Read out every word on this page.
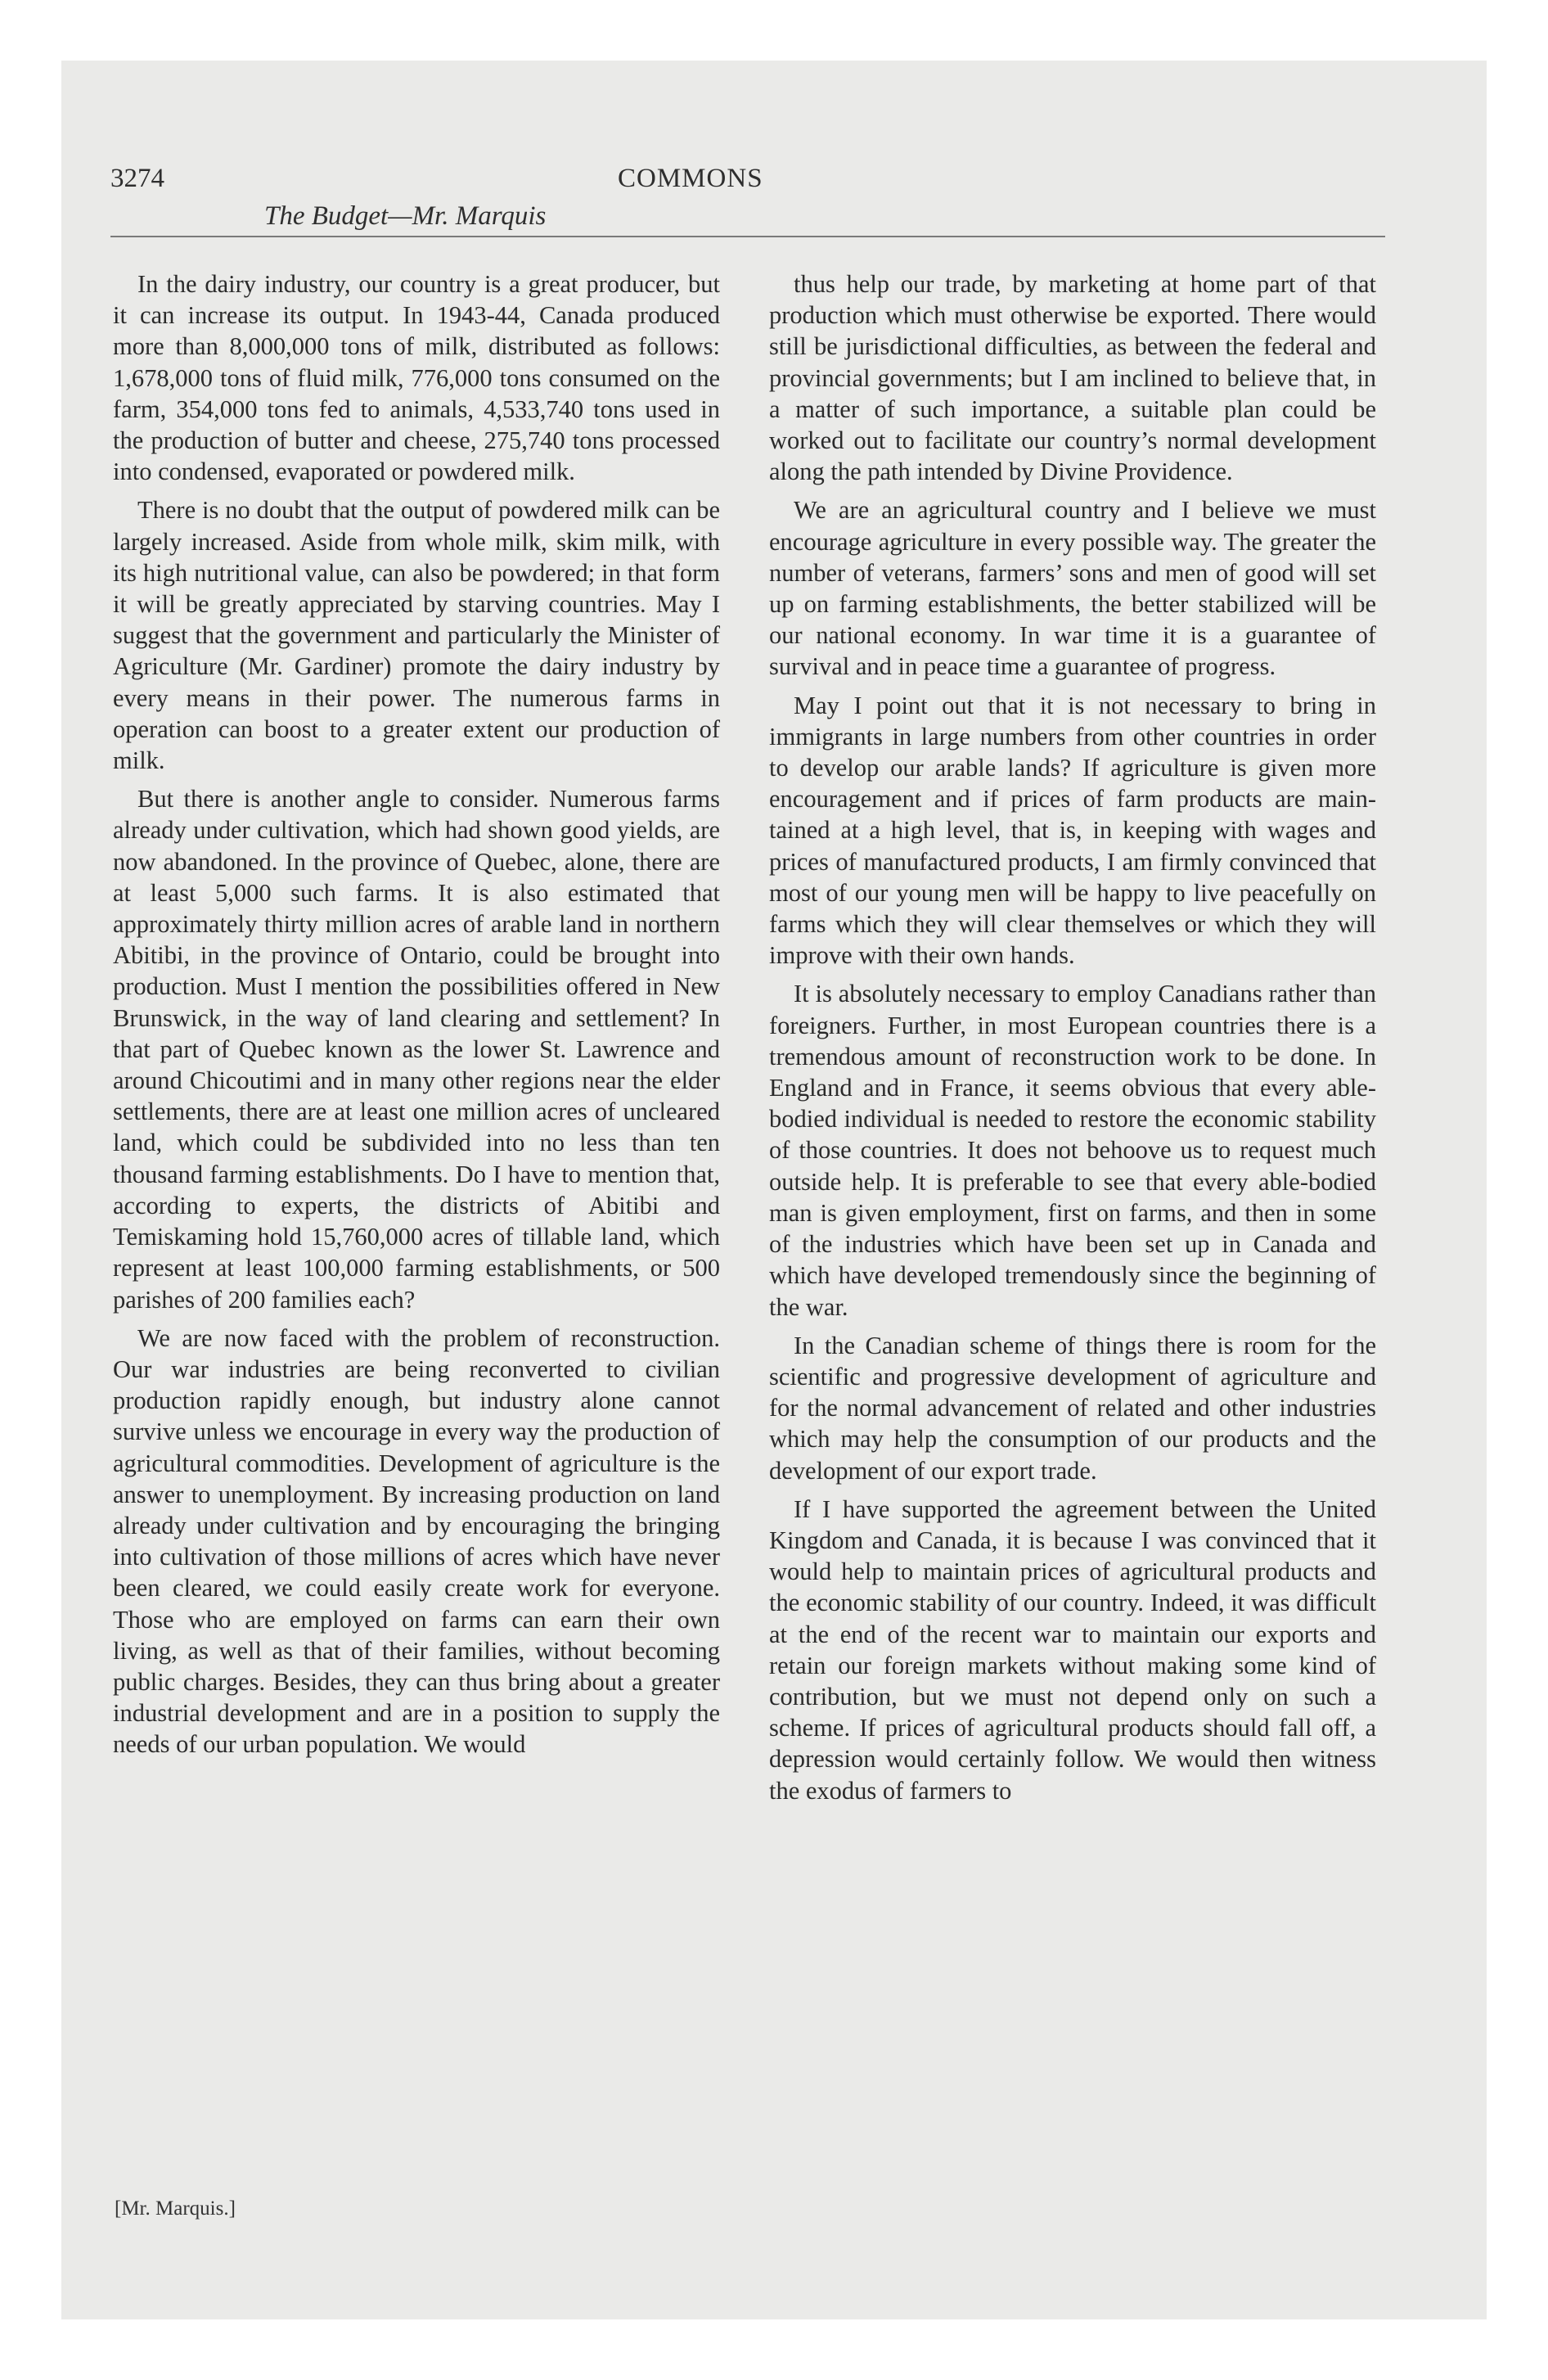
3274	COMMONS
The Budget—Mr. Marquis

In the dairy industry, our country is a great producer, but it can increase its output. In 1943-44, Canada produced more than 8,000,000 tons of milk, distributed as follows: 1,678,000 tons of fluid milk, 776,000 tons consumed on the farm, 354,000 tons fed to animals, 4,533,740 tons used in the production of butter and cheese, 275,740 tons processed into condensed, evaporated or powdered milk.

There is no doubt that the output of powdered milk can be largely increased. Aside from whole milk, skim milk, with its high nutritional value, can also be powdered; in that form it will be greatly appreciated by starving countries. May I suggest that the government and particularly the Minister of Agriculture (Mr. Gardiner) promote the dairy industry by every means in their power. The numerous farms in operation can boost to a greater extent our production of milk.

But there is another angle to consider. Numerous farms already under cultivation, which had shown good yields, are now abandoned. In the province of Quebec, alone, there are at least 5,000 such farms. It is also estimated that approximately thirty million acres of arable land in northern Abitibi, in the province of Ontario, could be brought into production. Must I mention the possibilities offered in New Brunswick, in the way of land clearing and settlement? In that part of Quebec known as the lower St. Lawrence and around Chicoutimi and in many other regions near the elder settlements, there are at least one million acres of uncleared land, which could be subdivided into no less than ten thousand farming establishments. Do I have to mention that, according to experts, the districts of Abitibi and Temiskaming hold 15,760,000 acres of tillable land, which represent at least 100,000 farming establishments, or 500 parishes of 200 families each?

We are now faced with the problem of reconstruction. Our war industries are being reconverted to civilian production rapidly enough, but industry alone cannot survive unless we encourage in every way the production of agricultural commodities. Development of agriculture is the answer to unemployment. By increasing production on land already under cultivation and by encouraging the bringing into cultivation of those millions of acres which have never been cleared, we could easily create work for everyone. Those who are employed on farms can earn their own living, as well as that of their families, without becoming public charges. Besides, they can thus bring about a greater industrial development and are in a position to supply the needs of our urban population. We would

thus help our trade, by marketing at home part of that production which must otherwise be exported. There would still be jurisdictional difficulties, as between the federal and provincial governments; but I am inclined to believe that, in a matter of such importance, a suitable plan could be worked out to facilitate our country’s normal development along the path intended by Divine Providence.

We are an agricultural country and I believe we must encourage agriculture in every possible way. The greater the number of veterans, farmers’ sons and men of good will set up on farming establishments, the better stabilized will be our national economy. In war time it is a guarantee of survival and in peace time a guarantee of progress.

May I point out that it is not necessary to bring in immigrants in large numbers from other countries in order to develop our arable lands? If agriculture is given more encouragement and if prices of farm products are maintained at a high level, that is, in keeping with wages and prices of manufactured products, I am firmly convinced that most of our young men will be happy to live peacefully on farms which they will clear themselves or which they will improve with their own hands.

It is absolutely necessary to employ Canadians rather than foreigners. Further, in most European countries there is a tremendous amount of reconstruction work to be done. In England and in France, it seems obvious that every able-bodied individual is needed to restore the economic stability of those countries. It does not behoove us to request much outside help. It is preferable to see that every able-bodied man is given employment, first on farms, and then in some of the industries which have been set up in Canada and which have developed tremendously since the beginning of the war.

In the Canadian scheme of things there is room for the scientific and progressive development of agriculture and for the normal advancement of related and other industries which may help the consumption of our products and the development of our export trade.

If I have supported the agreement between the United Kingdom and Canada, it is because I was convinced that it would help to maintain prices of agricultural products and the economic stability of our country. Indeed, it was difficult at the end of the recent war to maintain our exports and retain our foreign markets without making some kind of contribution, but we must not depend only on such a scheme. If prices of agricultural products should fall off, a depression would certainly follow. We would then witness the exodus of farmers to

[Mr. Marquis.]
